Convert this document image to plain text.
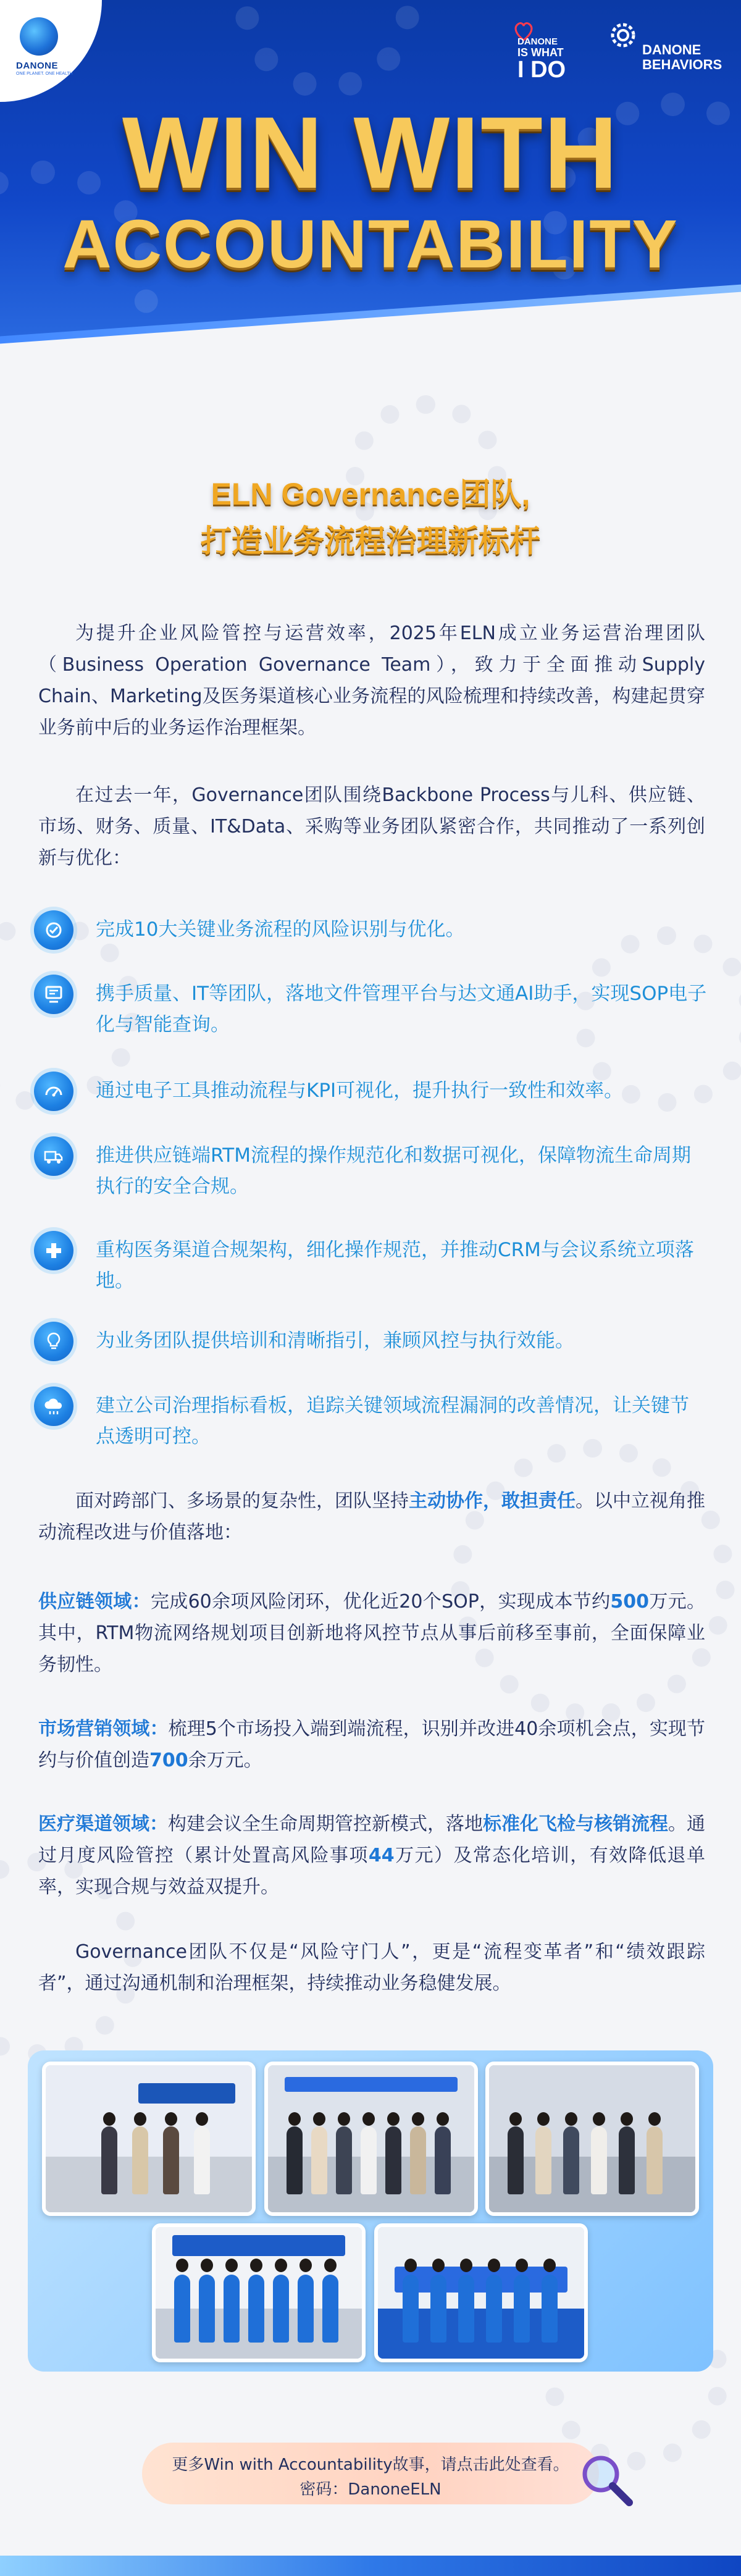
DANONE
ONE PLANET. ONE HEALTH
DANONE
IS WHAT
I DO
DANONE
BEHAVIORS
WIN WITH
ACCOUNTABILITY
ELN Governance团队,
打造业务流程治理新标杆
为提升企业风险管控与运营效率，2025年ELN成立业务运营治理团队（Business Operation Governance Team），致力于全面推动Supply Chain、Marketing及医务渠道核心业务流程的风险梳理和持续改善，构建起贯穿业务前中后的业务运作治理框架。
在过去一年，Governance团队围绕Backbone Process与儿科、供应链、市场、财务、质量、IT&Data、采购等业务团队紧密合作，共同推动了一系列创新与优化：
完成10大关键业务流程的风险识别与优化。
携手质量、IT等团队，落地文件管理平台与达文通AI助手，实现SOP电子化与智能查询。
通过电子工具推动流程与KPI可视化，提升执行一致性和效率。
推进供应链端RTM流程的操作规范化和数据可视化，保障物流生命周期执行的安全合规。
重构医务渠道合规架构，细化操作规范，并推动CRM与会议系统立项落地。
为业务团队提供培训和清晰指引，兼顾风控与执行效能。
建立公司治理指标看板，追踪关键领域流程漏洞的改善情况，让关键节点透明可控。
面对跨部门、多场景的复杂性，团队坚持主动协作，敢担责任。以中立视角推动流程改进与价值落地：
供应链领域：完成60余项风险闭环，优化近20个SOP，实现成本节约500万元。其中，RTM物流网络规划项目创新地将风控节点从事后前移至事前，全面保障业务韧性。
市场营销领域：梳理5个市场投入端到端流程，识别并改进40余项机会点，实现节约与价值创造700余万元。
医疗渠道领域：构建会议全生命周期管控新模式，落地标准化飞检与核销流程。通过月度风险管控（累计处置高风险事项44万元）及常态化培训，有效降低退单率，实现合规与效益双提升。
Governance团队不仅是“风险守门人”，更是“流程变革者”和“绩效跟踪者”，通过沟通机制和治理框架，持续推动业务稳健发展。
更多Win with Accountability故事，请点击此处查看。
密码：DanoneELN
